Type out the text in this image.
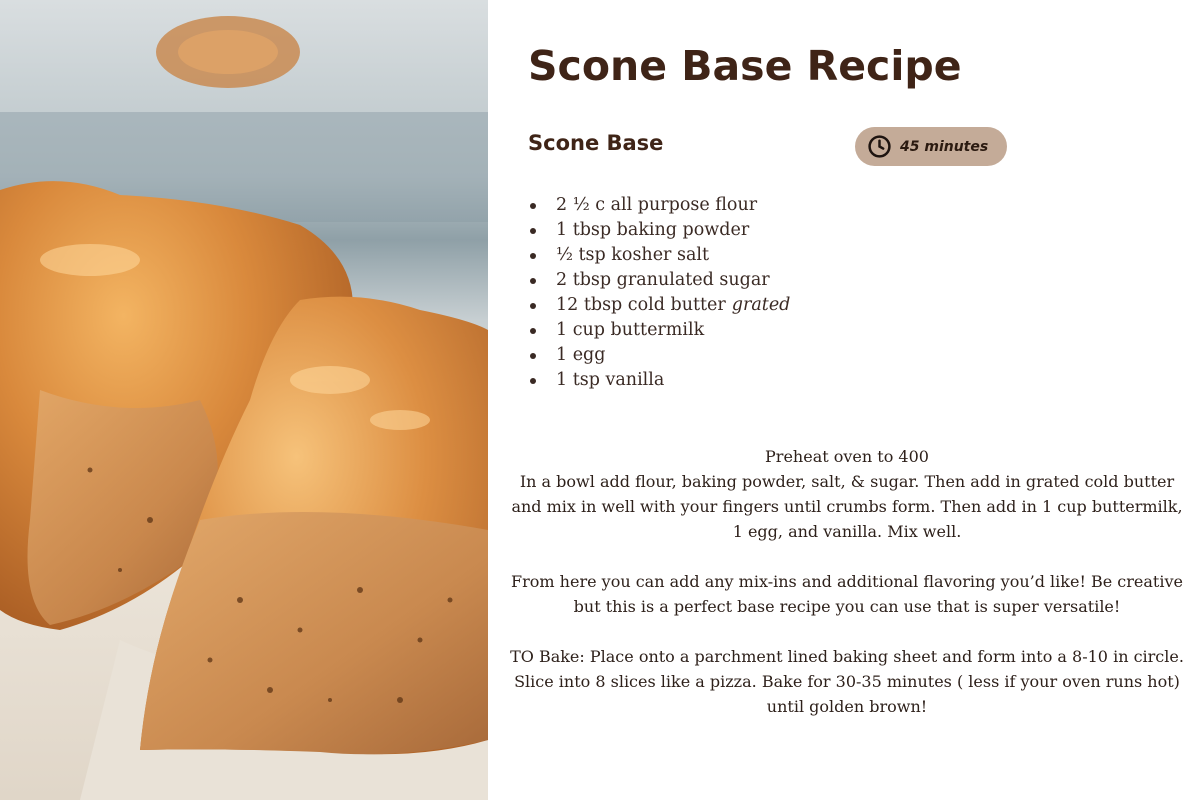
Scone Base Recipe
Scone Base	45 minutes
2 ½ c all purpose flour
1 tbsp baking powder
½ tsp kosher salt
2 tbsp granulated sugar
12 tbsp cold butter grated
1 cup buttermilk
1 egg
1 tsp vanilla

Preheat oven to 400

In a bowl add flour, baking powder, salt, & sugar. Then add in grated cold butter and mix in well with your fingers until crumbs form. Then add in 1 cup buttermilk, 1 egg, and vanilla. Mix well.

From here you can add any mix-ins and additional flavoring you’d like! Be creative but this is a perfect base recipe you can use that is super versatile!

TO Bake: Place onto a parchment lined baking sheet and form into a 8-10 in circle. Slice into 8 slices like a pizza. Bake for 30-35 minutes ( less if your oven runs hot) until golden brown!
